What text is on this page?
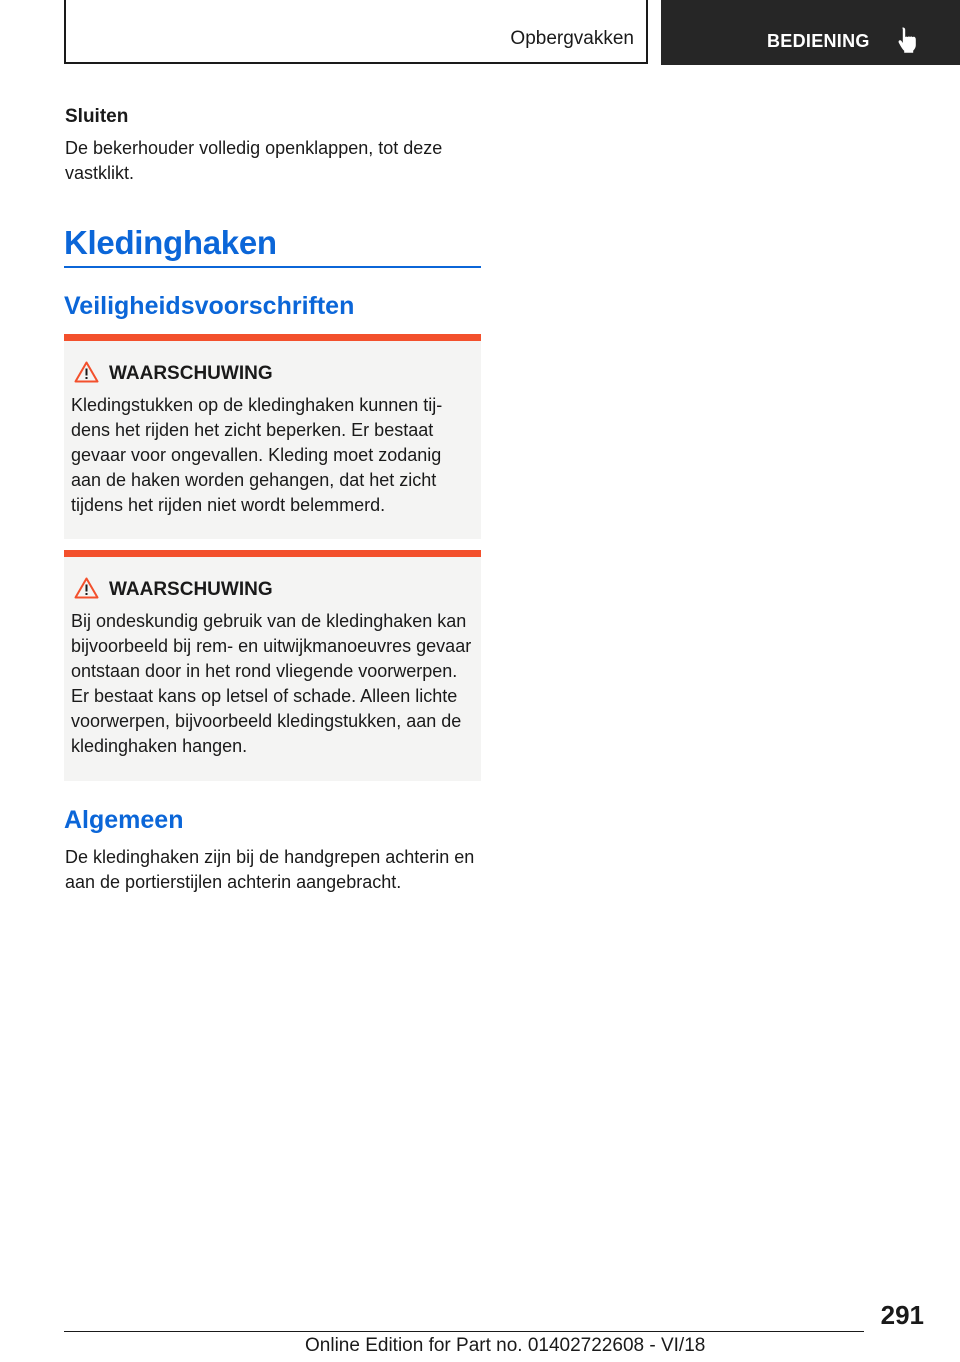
Opbergvakken	BEDIENING
Sluiten
De bekerhouder volledig openklappen, tot deze vastklikt.
Kledinghaken
Veiligheidsvoorschriften
WAARSCHUWING
Kledingstukken op de kledinghaken kunnen tijdens het rijden het zicht beperken. Er bestaat gevaar voor ongevallen. Kleding moet zodanig aan de haken worden gehangen, dat het zicht tijdens het rijden niet wordt belemmerd.
WAARSCHUWING
Bij ondeskundig gebruik van de kledinghaken kan bijvoorbeeld bij rem- en uitwijkmanoeuvres gevaar ontstaan door in het rond vliegende voorwerpen. Er bestaat kans op letsel of schade. Alleen lichte voorwerpen, bijvoorbeeld kledingstukken, aan de kledinghaken hangen.
Algemeen
De kledinghaken zijn bij de handgrepen achterin en aan de portierstijlen achterin aangebracht.
291
Online Edition for Part no. 01402722608 - VI/18
